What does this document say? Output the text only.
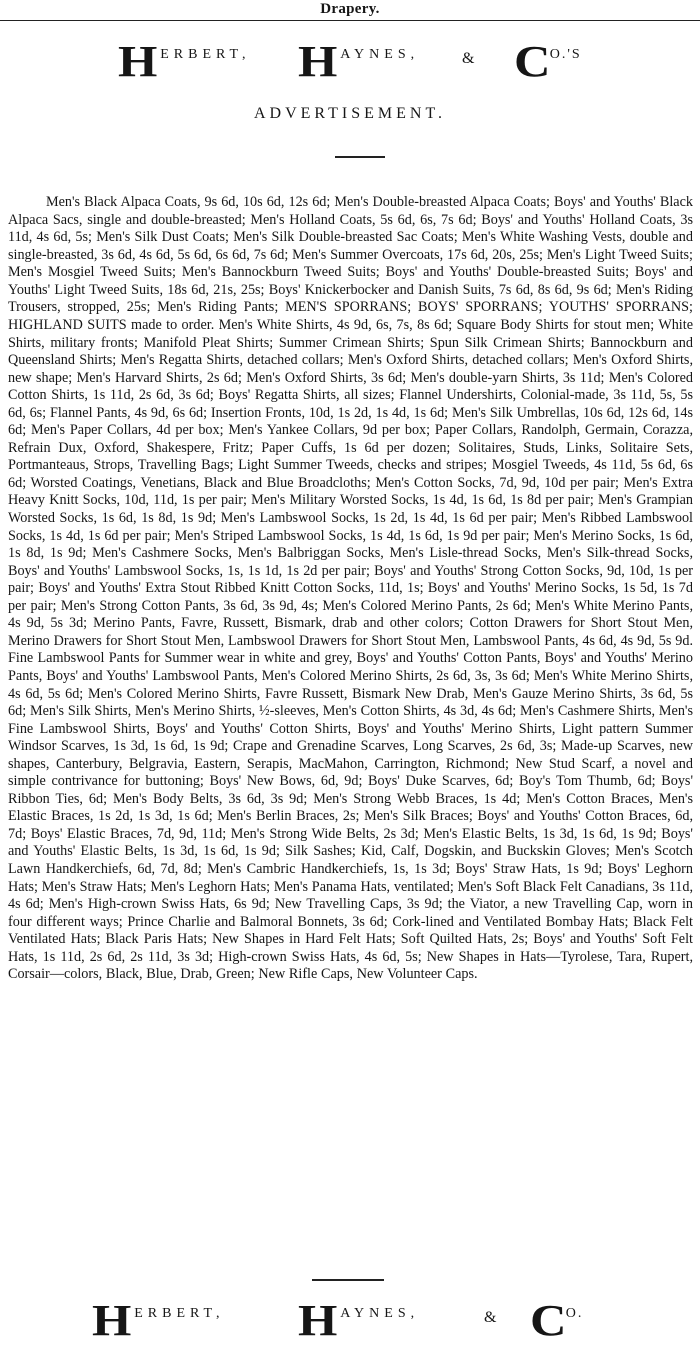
Drapery.
HERBERT, HAYNES,	& CO.'S
ADVERTISEMENT.

Men's Black Alpaca Coats, 9s 6d, 10s 6d, 12s 6d; Men's Double-breasted Alpaca Coats; Boys' and Youths' Black Alpaca Sacs, single and double-breasted; Men's Holland Coats, 5s 6d, 6s, 7s 6d; Boys' and Youths' Holland Coats, 3s 11d, 4s 6d, 5s; Men's Silk Dust Coats; Men's Silk Double-breasted Sac Coats; Men's White Washing Vests, double and single-breasted, 3s 6d, 4s 6d, 5s 6d, 6s 6d, 7s 6d; Men's Summer Overcoats, 17s 6d, 20s, 25s; Men's Light Tweed Suits; Men's Mosgiel Tweed Suits; Men's Bannockburn Tweed Suits; Boys' and Youths' Double-breasted Suits; Boys' and Youths' Light Tweed Suits, 18s 6d, 21s, 25s; Boys' Knickerbocker and Danish Suits, 7s 6d, 8s 6d, 9s 6d; Men's Riding Trousers, stropped, 25s; Men's Riding Pants; MEN'S SPORRANS; BOYS' SPORRANS; YOUTHS' SPORRANS; HIGHLAND SUITS made to order. Men's White Shirts, 4s 9d, 6s, 7s, 8s 6d; Square Body Shirts for stout men; White Shirts, military fronts; Manifold Pleat Shirts; Summer Crimean Shirts; Spun Silk Crimean Shirts; Bannockburn and Queensland Shirts; Men's Regatta Shirts, detached collars; Men's Oxford Shirts, detached collars; Men's Oxford Shirts, new shape; Men's Harvard Shirts, 2s 6d; Men's Oxford Shirts, 3s 6d; Men's double-yarn Shirts, 3s 11d; Men's Colored Cotton Shirts, 1s 11d, 2s 6d, 3s 6d; Boys' Regatta Shirts, all sizes; Flannel Undershirts, Colonial-made, 3s 11d, 5s, 5s 6d, 6s; Flannel Pants, 4s 9d, 6s 6d; Insertion Fronts, 10d, 1s 2d, 1s 4d, 1s 6d; Men's Silk Umbrellas, 10s 6d, 12s 6d, 14s 6d; Men's Paper Collars, 4d per box; Men's Yankee Collars, 9d per box; Paper Collars, Randolph, Germain, Corazza, Refrain Dux, Oxford, Shakespere, Fritz; Paper Cuffs, 1s 6d per dozen; Solitaires, Studs, Links, Solitaire Sets, Portmanteaus, Strops, Travelling Bags; Light Summer Tweeds, checks and stripes; Mosgiel Tweeds, 4s 11d, 5s 6d, 6s 6d; Worsted Coatings, Venetians, Black and Blue Broadcloths; Men's Cotton Socks, 7d, 9d, 10d per pair; Men's Extra Heavy Knitt Socks, 10d, 11d, 1s per pair; Men's Military Worsted Socks, 1s 4d, 1s 6d, 1s 8d per pair; Men's Grampian Worsted Socks, 1s 6d, 1s 8d, 1s 9d; Men's Lambswool Socks, 1s 2d, 1s 4d, 1s 6d per pair; Men's Ribbed Lambswool Socks, 1s 4d, 1s 6d per pair; Men's Striped Lambswool Socks, 1s 4d, 1s 6d, 1s 9d per pair; Men's Merino Socks, 1s 6d, 1s 8d, 1s 9d; Men's Cashmere Socks, Men's Balbriggan Socks, Men's Lisle-thread Socks, Men's Silk-thread Socks, Boys' and Youths' Lambswool Socks, 1s, 1s 1d, 1s 2d per pair; Boys' and Youths' Strong Cotton Socks, 9d, 10d, 1s per pair; Boys' and Youths' Extra Stout Ribbed Knitt Cotton Socks, 11d, 1s; Boys' and Youths' Merino Socks, 1s 5d, 1s 7d per pair; Men's Strong Cotton Pants, 3s 6d, 3s 9d, 4s; Men's Colored Merino Pants, 2s 6d; Men's White Merino Pants, 4s 9d, 5s 3d; Merino Pants, Favre, Russett, Bismark, drab and other colors; Cotton Drawers for Short Stout Men, Merino Drawers for Short Stout Men, Lambswool Drawers for Short Stout Men, Lambswool Pants, 4s 6d, 4s 9d, 5s 9d. Fine Lambswool Pants for Summer wear in white and grey, Boys' and Youths' Cotton Pants, Boys' and Youths' Merino Pants, Boys' and Youths' Lambswool Pants, Men's Colored Merino Shirts, 2s 6d, 3s, 3s 6d; Men's White Merino Shirts, 4s 6d, 5s 6d; Men's Colored Merino Shirts, Favre Russett, Bismark New Drab, Men's Gauze Merino Shirts, 3s 6d, 5s 6d; Men's Silk Shirts, Men's Merino Shirts, ½-sleeves, Men's Cotton Shirts, 4s 3d, 4s 6d; Men's Cashmere Shirts, Men's Fine Lambswool Shirts, Boys' and Youths' Cotton Shirts, Boys' and Youths' Merino Shirts, Light pattern Summer Windsor Scarves, 1s 3d, 1s 6d, 1s 9d; Crape and Grenadine Scarves, Long Scarves, 2s 6d, 3s; Made-up Scarves, new shapes, Canterbury, Belgravia, Eastern, Serapis, MacMahon, Carrington, Richmond; New Stud Scarf, a novel and simple contrivance for buttoning; Boys' New Bows, 6d, 9d; Boys' Duke Scarves, 6d; Boy's Tom Thumb, 6d; Boys' Ribbon Ties, 6d; Men's Body Belts, 3s 6d, 3s 9d; Men's Strong Webb Braces, 1s 4d; Men's Cotton Braces, Men's Elastic Braces, 1s 2d, 1s 3d, 1s 6d; Men's Berlin Braces, 2s; Men's Silk Braces; Boys' and Youths' Cotton Braces, 6d, 7d; Boys' Elastic Braces, 7d, 9d, 11d; Men's Strong Wide Belts, 2s 3d; Men's Elastic Belts, 1s 3d, 1s 6d, 1s 9d; Boys' and Youths' Elastic Belts, 1s 3d, 1s 6d, 1s 9d; Silk Sashes; Kid, Calf, Dogskin, and Buckskin Gloves; Men's Scotch Lawn Handkerchiefs, 6d, 7d, 8d; Men's Cambric Handkerchiefs, 1s, 1s 3d; Boys' Straw Hats, 1s 9d; Boys' Leghorn Hats; Men's Straw Hats; Men's Leghorn Hats; Men's Panama Hats, ventilated; Men's Soft Black Felt Canadians, 3s 11d, 4s 6d; Men's High-crown Swiss Hats, 6s 9d; New Travelling Caps, 3s 9d; the Viator, a new Travelling Cap, worn in four different ways; Prince Charlie and Balmoral Bonnets, 3s 6d; Cork-lined and Ventilated Bombay Hats; Black Felt Ventilated Hats; Black Paris Hats; New Shapes in Hard Felt Hats; Soft Quilted Hats, 2s; Boys' and Youths' Soft Felt Hats, 1s 11d, 2s 6d, 2s 11d, 3s 3d; High-crown Swiss Hats, 4s 6d, 5s; New Shapes in Hats—Tyrolese, Tara, Rupert, Corsair—colors, Black, Blue, Drab, Green; New Rifle Caps, New Volunteer Caps.

HERBERT, HAYNES,	& CO.
